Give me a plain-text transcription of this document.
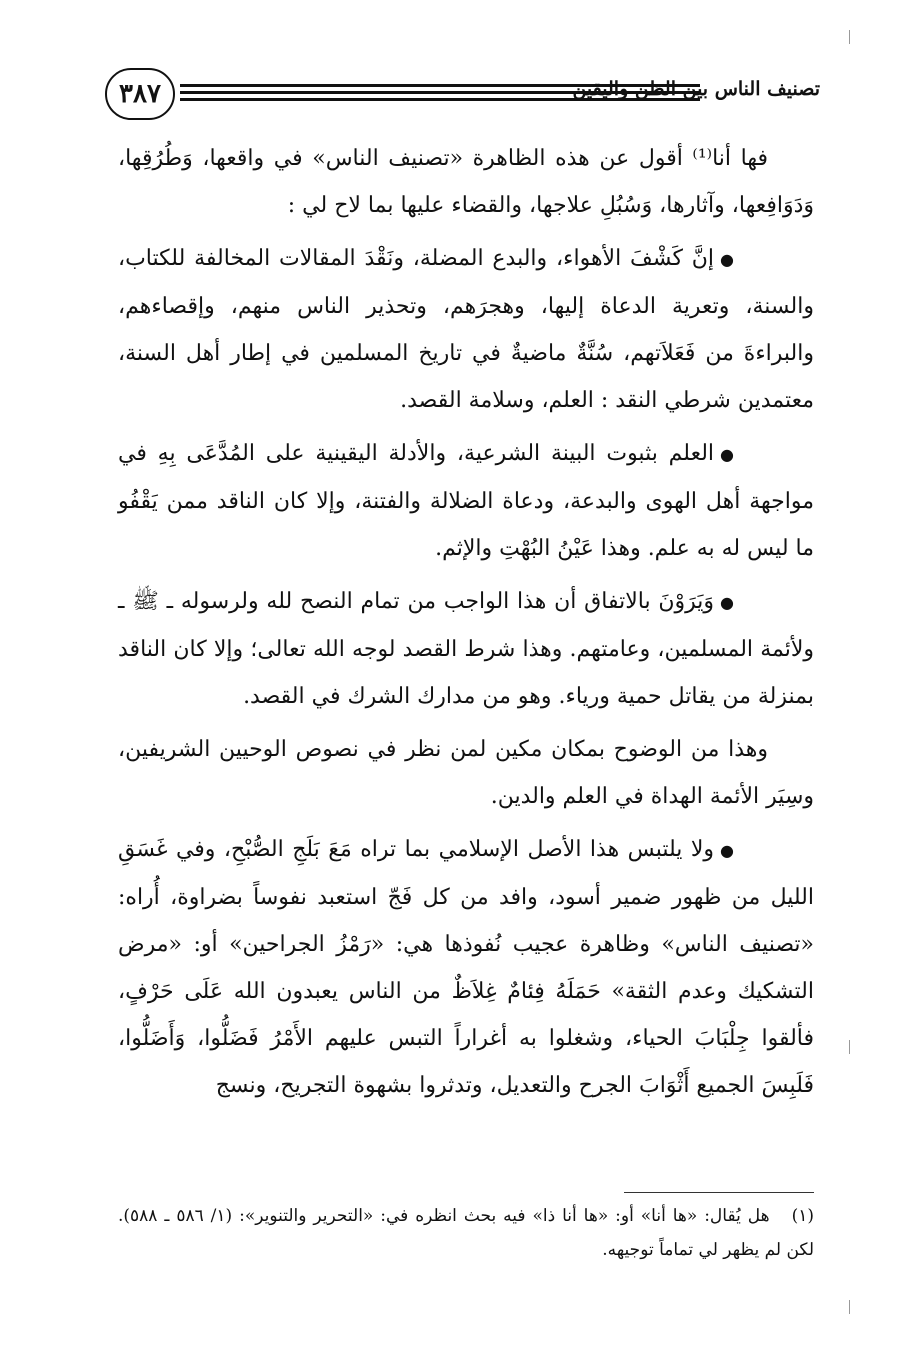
٣٨٧	تصنيف الناس بين الظن واليقين

فها أنا⁽¹⁾ أقول عن هذه الظاهرة «تصنيف الناس» في واقعها، وَطُرُقِها، وَدَوَافِعها، وآثارها، وَسُبُلِ علاجها، والقضاء عليها بما لاح لي :

●إنَّ كَشْفَ الأهواء، والبدع المضلة، ونَقْدَ المقالات المخالفة للكتاب، والسنة، وتعرية الدعاة إليها، وهجرَهم، وتحذير الناس منهم، وإقصاءهم، والبراءةَ من فَعَلاَتهم، سُنَّةٌ ماضيةٌ في تاريخ المسلمين في إطار أهل السنة، معتمدين شرطي النقد : العلم، وسلامة القصد.

●العلم بثبوت البينة الشرعية، والأدلة اليقينية على المُدَّعَى بِهِ في مواجهة أهل الهوى والبدعة، ودعاة الضلالة والفتنة، وإلا كان الناقد ممن يَقْفُو ما ليس له به علم. وهذا عَيْنُ البُهْتِ والإثم.

●وَيَرَوْنَ بالاتفاق أن هذا الواجب من تمام النصح لله ولرسوله ـ ﷺ ـ ولأئمة المسلمين، وعامتهم. وهذا شرط القصد لوجه الله تعالى؛ وإلا كان الناقد بمنزلة من يقاتل حمية ورياء. وهو من مدارك الشرك في القصد.

وهذا من الوضوح بمكان مكين لمن نظر في نصوص الوحيين الشريفين، وسِيَر الأئمة الهداة في العلم والدين.

●ولا يلتبس هذا الأصل الإسلامي بما تراه مَعَ بَلَجِ الصُّبْحِ، وفي غَسَقِ الليل من ظهور ضمير أسود، وافد من كل فَجّ استعبد نفوساً بضراوة، أُراه: «تصنيف الناس» وظاهرة عجيب نُفوذها هي: «رَمْزُ الجراحين» أو: «مرض التشكيك وعدم الثقة» حَمَلَهُ فِئامٌ غِلاَظٌ من الناس يعبدون الله عَلَى حَرْفٍ، فألقوا جِلْبَابَ الحياء، وشغلوا به أغراراً التبس عليهم الأَمْرُ فَضَلُّوا، وَأَضَلُّوا، فَلَبِسَ الجميع أَثْوَابَ الجرح والتعديل، وتدثروا بشهوة التجريح، ونسج

(١)هل يُقال: «ها أنا» أو: «ها أنا ذا» فيه بحث انظره في: «التحرير والتنوير»: (١/ ٥٨٦ ـ ٥٨٨). لكن لم يظهر لي تماماً توجيهه.
